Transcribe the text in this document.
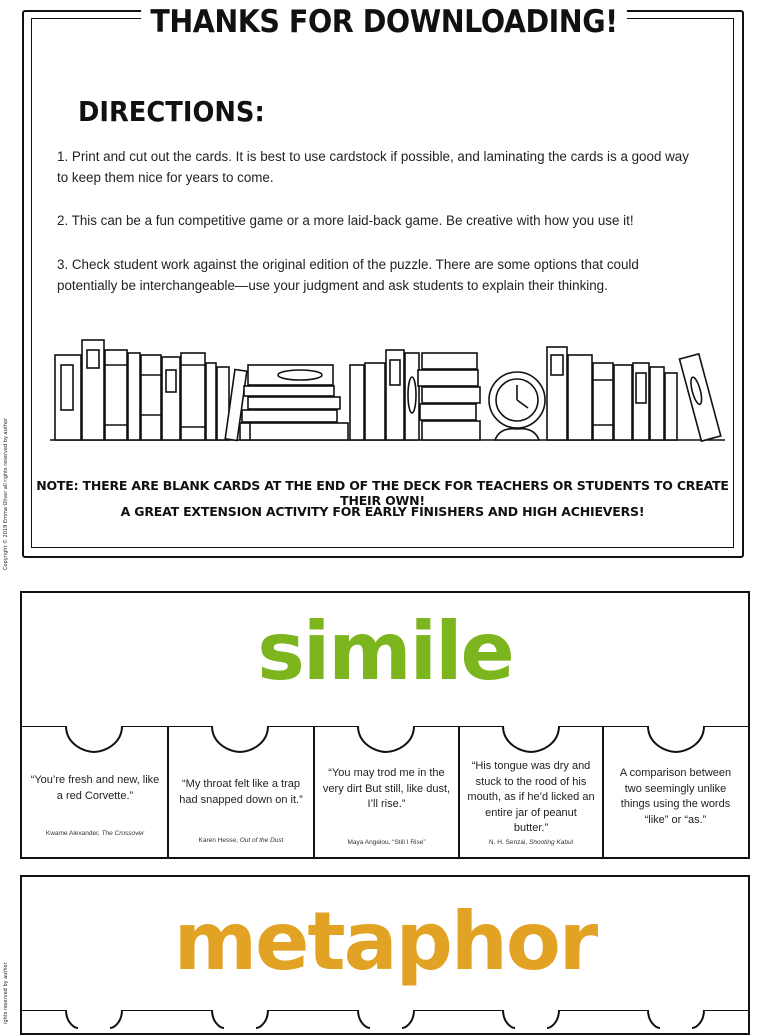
Copyright © 2019 Emma Oliver all rights reserved by author
ights reserved by author
THANKS FOR DOWNLOADING!
DIRECTIONS:
1. Print and cut out the cards. It is best to use cardstock if possible, and laminating the cards is a good way to keep them nice for years to come.
2. This can be a fun competitive game or a more laid-back game. Be creative with how you use it!
3. Check student work against the original edition of the puzzle. There are some options that could potentially be interchangeable—use your judgment and ask students to explain their thinking.
NOTE: THERE ARE BLANK CARDS AT THE END OF THE DECK FOR TEACHERS OR STUDENTS TO CREATE THEIR OWN!
A GREAT EXTENSION ACTIVITY FOR EARLY FINISHERS AND HIGH ACHIEVERS!
simile
“You’re fresh and new, like a red Corvette.”
Kwame Alexander, The Crossover
“My throat felt like a trap had snapped down on it.”
Karen Hesse, Out of the Dust
“You may trod me in the very dirt But still, like dust, I’ll rise.”
Maya Angelou, “Still I Rise”
“His tongue was dry and stuck to the rood of his mouth, as if he’d licked an entire jar of peanut butter.”
N. H. Senzai, Shooting Kabul
A comparison between two seemingly unlike things using the words “like” or “as.”
metaphor
